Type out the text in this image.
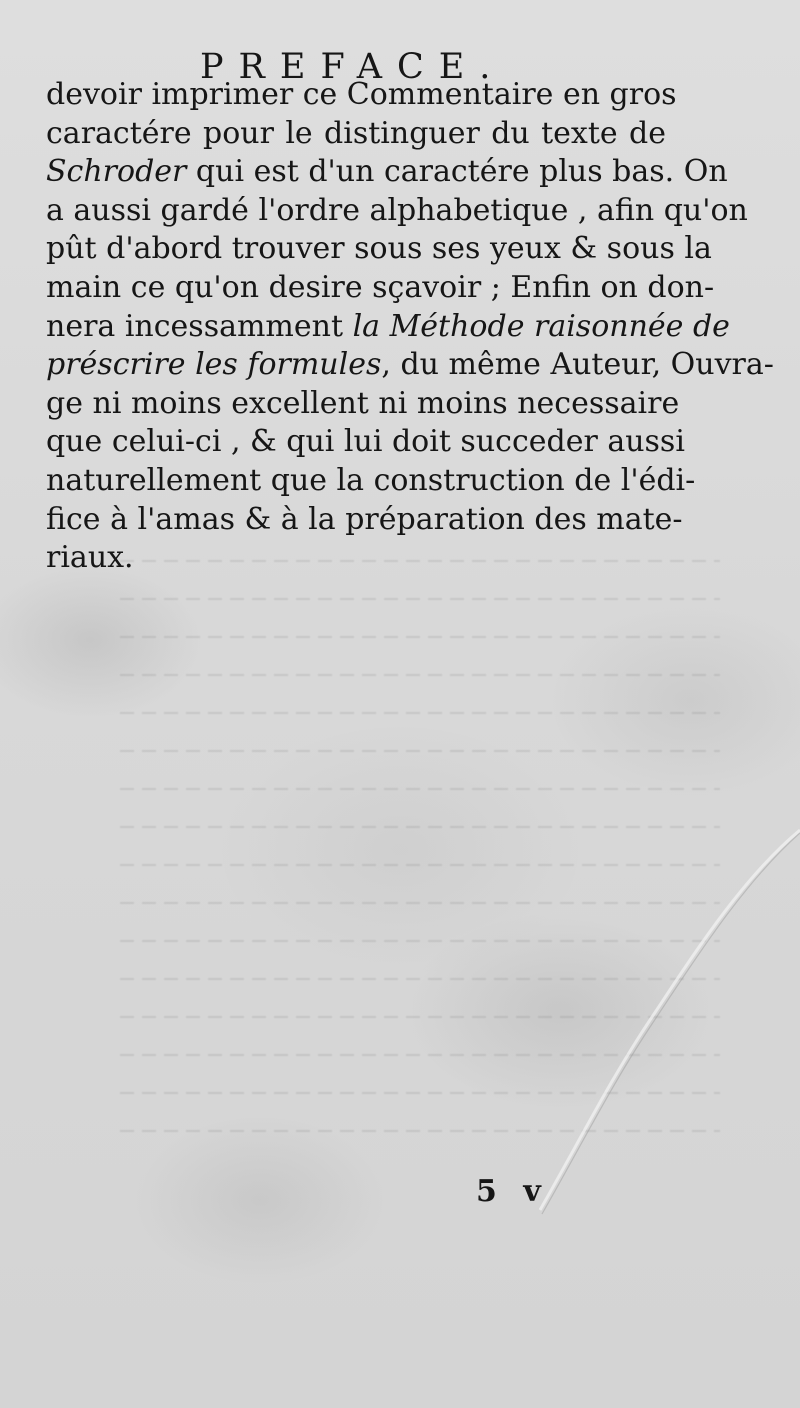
PREFACE.
devoir imprimer ce Commentaire en gros
caractére pour le distinguer du texte de
Schroder qui est d'un caractére plus bas. On
a aussi gardé l'ordre alphabetique , afin qu'on
pût d'abord trouver sous ses yeux & sous la
main ce qu'on desire sçavoir ; Enfin on don-
nera incessamment la Méthode raisonnée de
préscrire les formules, du même Auteur, Ouvra-
ge ni moins excellent ni moins necessaire
que celui-ci , & qui lui doit succeder aussi
naturellement que la construction de l'édi-
fice à l'amas & à la préparation des mate-
riaux.
5 v
